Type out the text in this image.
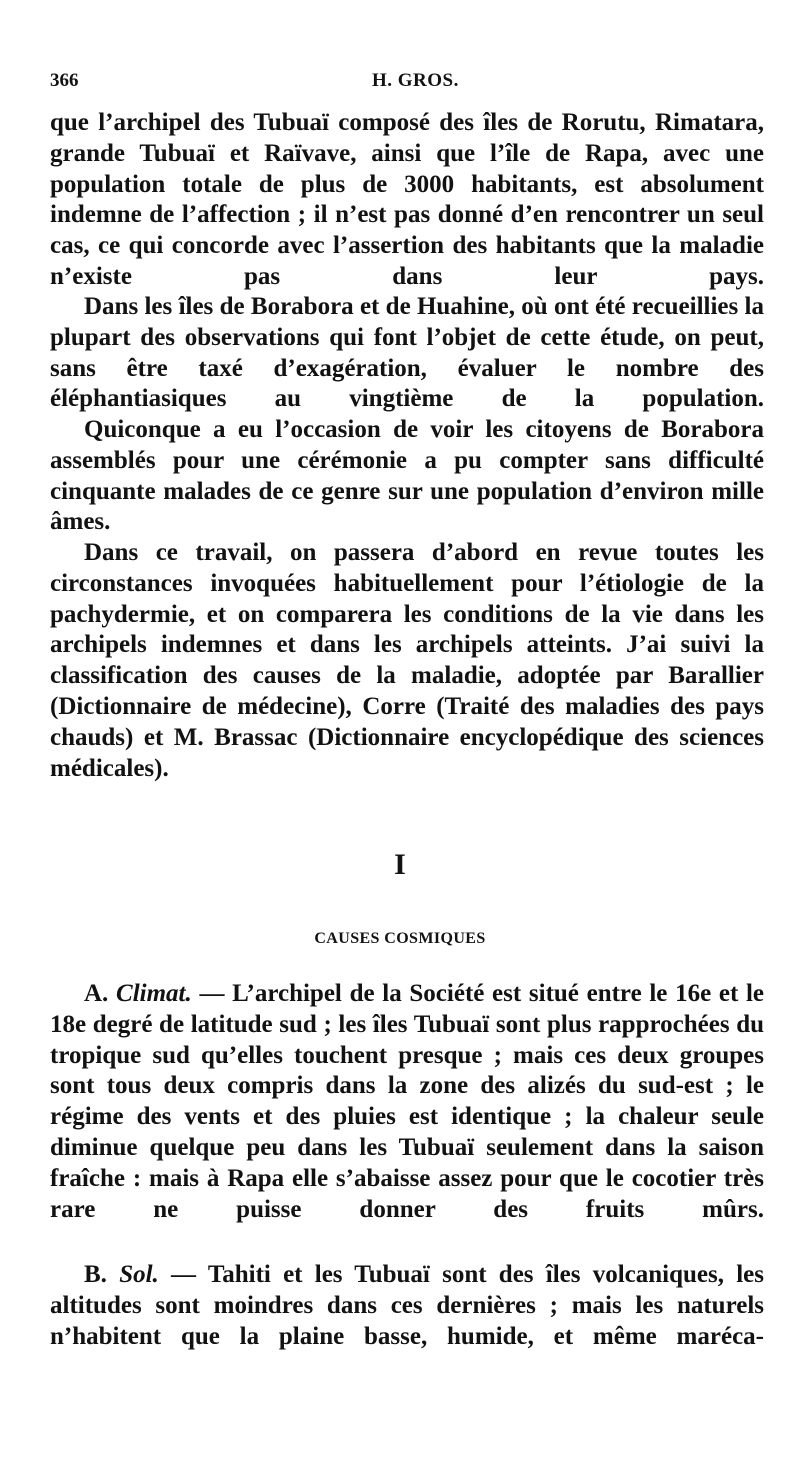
366	H. GROS.

que l’archipel des Tubuaï composé des îles de Rorutu, Rimatara, grande Tubuaï et Raïvave, ainsi que l’île de Rapa, avec une population totale de plus de 3000 habitants, est absolument indemne de l’affection ; il n’est pas donné d’en rencontrer un seul cas, ce qui concorde avec l’assertion des habitants que la maladie n’existe pas dans leur pays.

Dans les îles de Borabora et de Huahine, où ont été recueillies la plupart des observations qui font l’objet de cette étude, on peut, sans être taxé d’exagération, évaluer le nombre des éléphantiasiques au vingtième de la population.

Quiconque a eu l’occasion de voir les citoyens de Borabora assemblés pour une cérémonie a pu compter sans difficulté cinquante malades de ce genre sur une population d’environ mille âmes.

Dans ce travail, on passera d’abord en revue toutes les circonstances invoquées habituellement pour l’étiologie de la pachydermie, et on comparera les conditions de la vie dans les archipels indemnes et dans les archipels atteints. J’ai suivi la classification des causes de la maladie, adoptée par Barallier (Dictionnaire de médecine), Corre (Traité des maladies des pays chauds) et M. Brassac (Dictionnaire encyclopédique des sciences médicales).

I
CAUSES COSMIQUES

A. Climat. — L’archipel de la Société est situé entre le 16e et le 18e degré de latitude sud ; les îles Tubuaï sont plus rapprochées du tropique sud qu’elles touchent presque ; mais ces deux groupes sont tous deux compris dans la zone des alizés du sud-est ; le régime des vents et des pluies est identique ; la chaleur seule diminue quelque peu dans les Tubuaï seulement dans la saison fraîche : mais à Rapa elle s’abaisse assez pour que le cocotier très rare ne puisse donner des fruits mûrs.

B. Sol. — Tahiti et les Tubuaï sont des îles volcaniques, les altitudes sont moindres dans ces dernières ; mais les naturels n’habitent que la plaine basse, humide, et même maréca-
